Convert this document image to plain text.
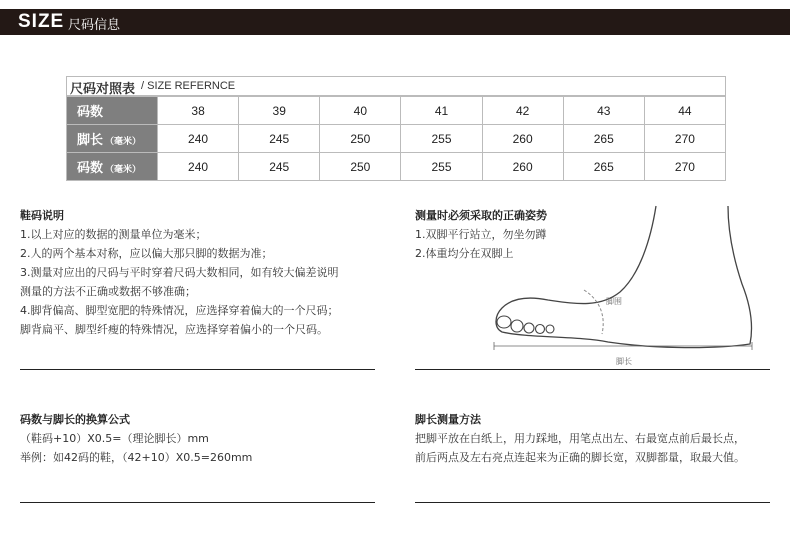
SIZE 尺码信息
尺码对照表 / SIZE REFERNCE
码数	38	39	40	41	42	43	44
脚长 （毫米）	240	245	250	255	260	265	270
码数 （毫米）	240	245	250	255	260	265	270
鞋码说明
1.以上对应的数据的测量单位为毫米；
2.人的两个基本对称，应以偏大那只脚的数据为准；
3.测量对应出的尺码与平时穿着尺码大数相同，如有较大偏差说明
测量的方法不正确或数据不够准确；
4.脚背偏高、脚型宽肥的特殊情况，应选择穿着偏大的一个尺码；
脚背扁平、脚型纤瘦的特殊情况，应选择穿着偏小的一个尺码。
测量时必须采取的正确姿势
1.双脚平行站立，勿坐勿蹲
2.体重均分在双脚上
脚围
脚长
码数与脚长的换算公式
（鞋码+10）X0.5=（理论脚长）mm
举例：如42码的鞋，（42+10）X0.5=260mm
脚长测量方法
把脚平放在白纸上，用力踩地，用笔点出左、右最宽点前后最长点，
前后两点及左右亮点连起来为正确的脚长宽，双脚都量，取最大值。
